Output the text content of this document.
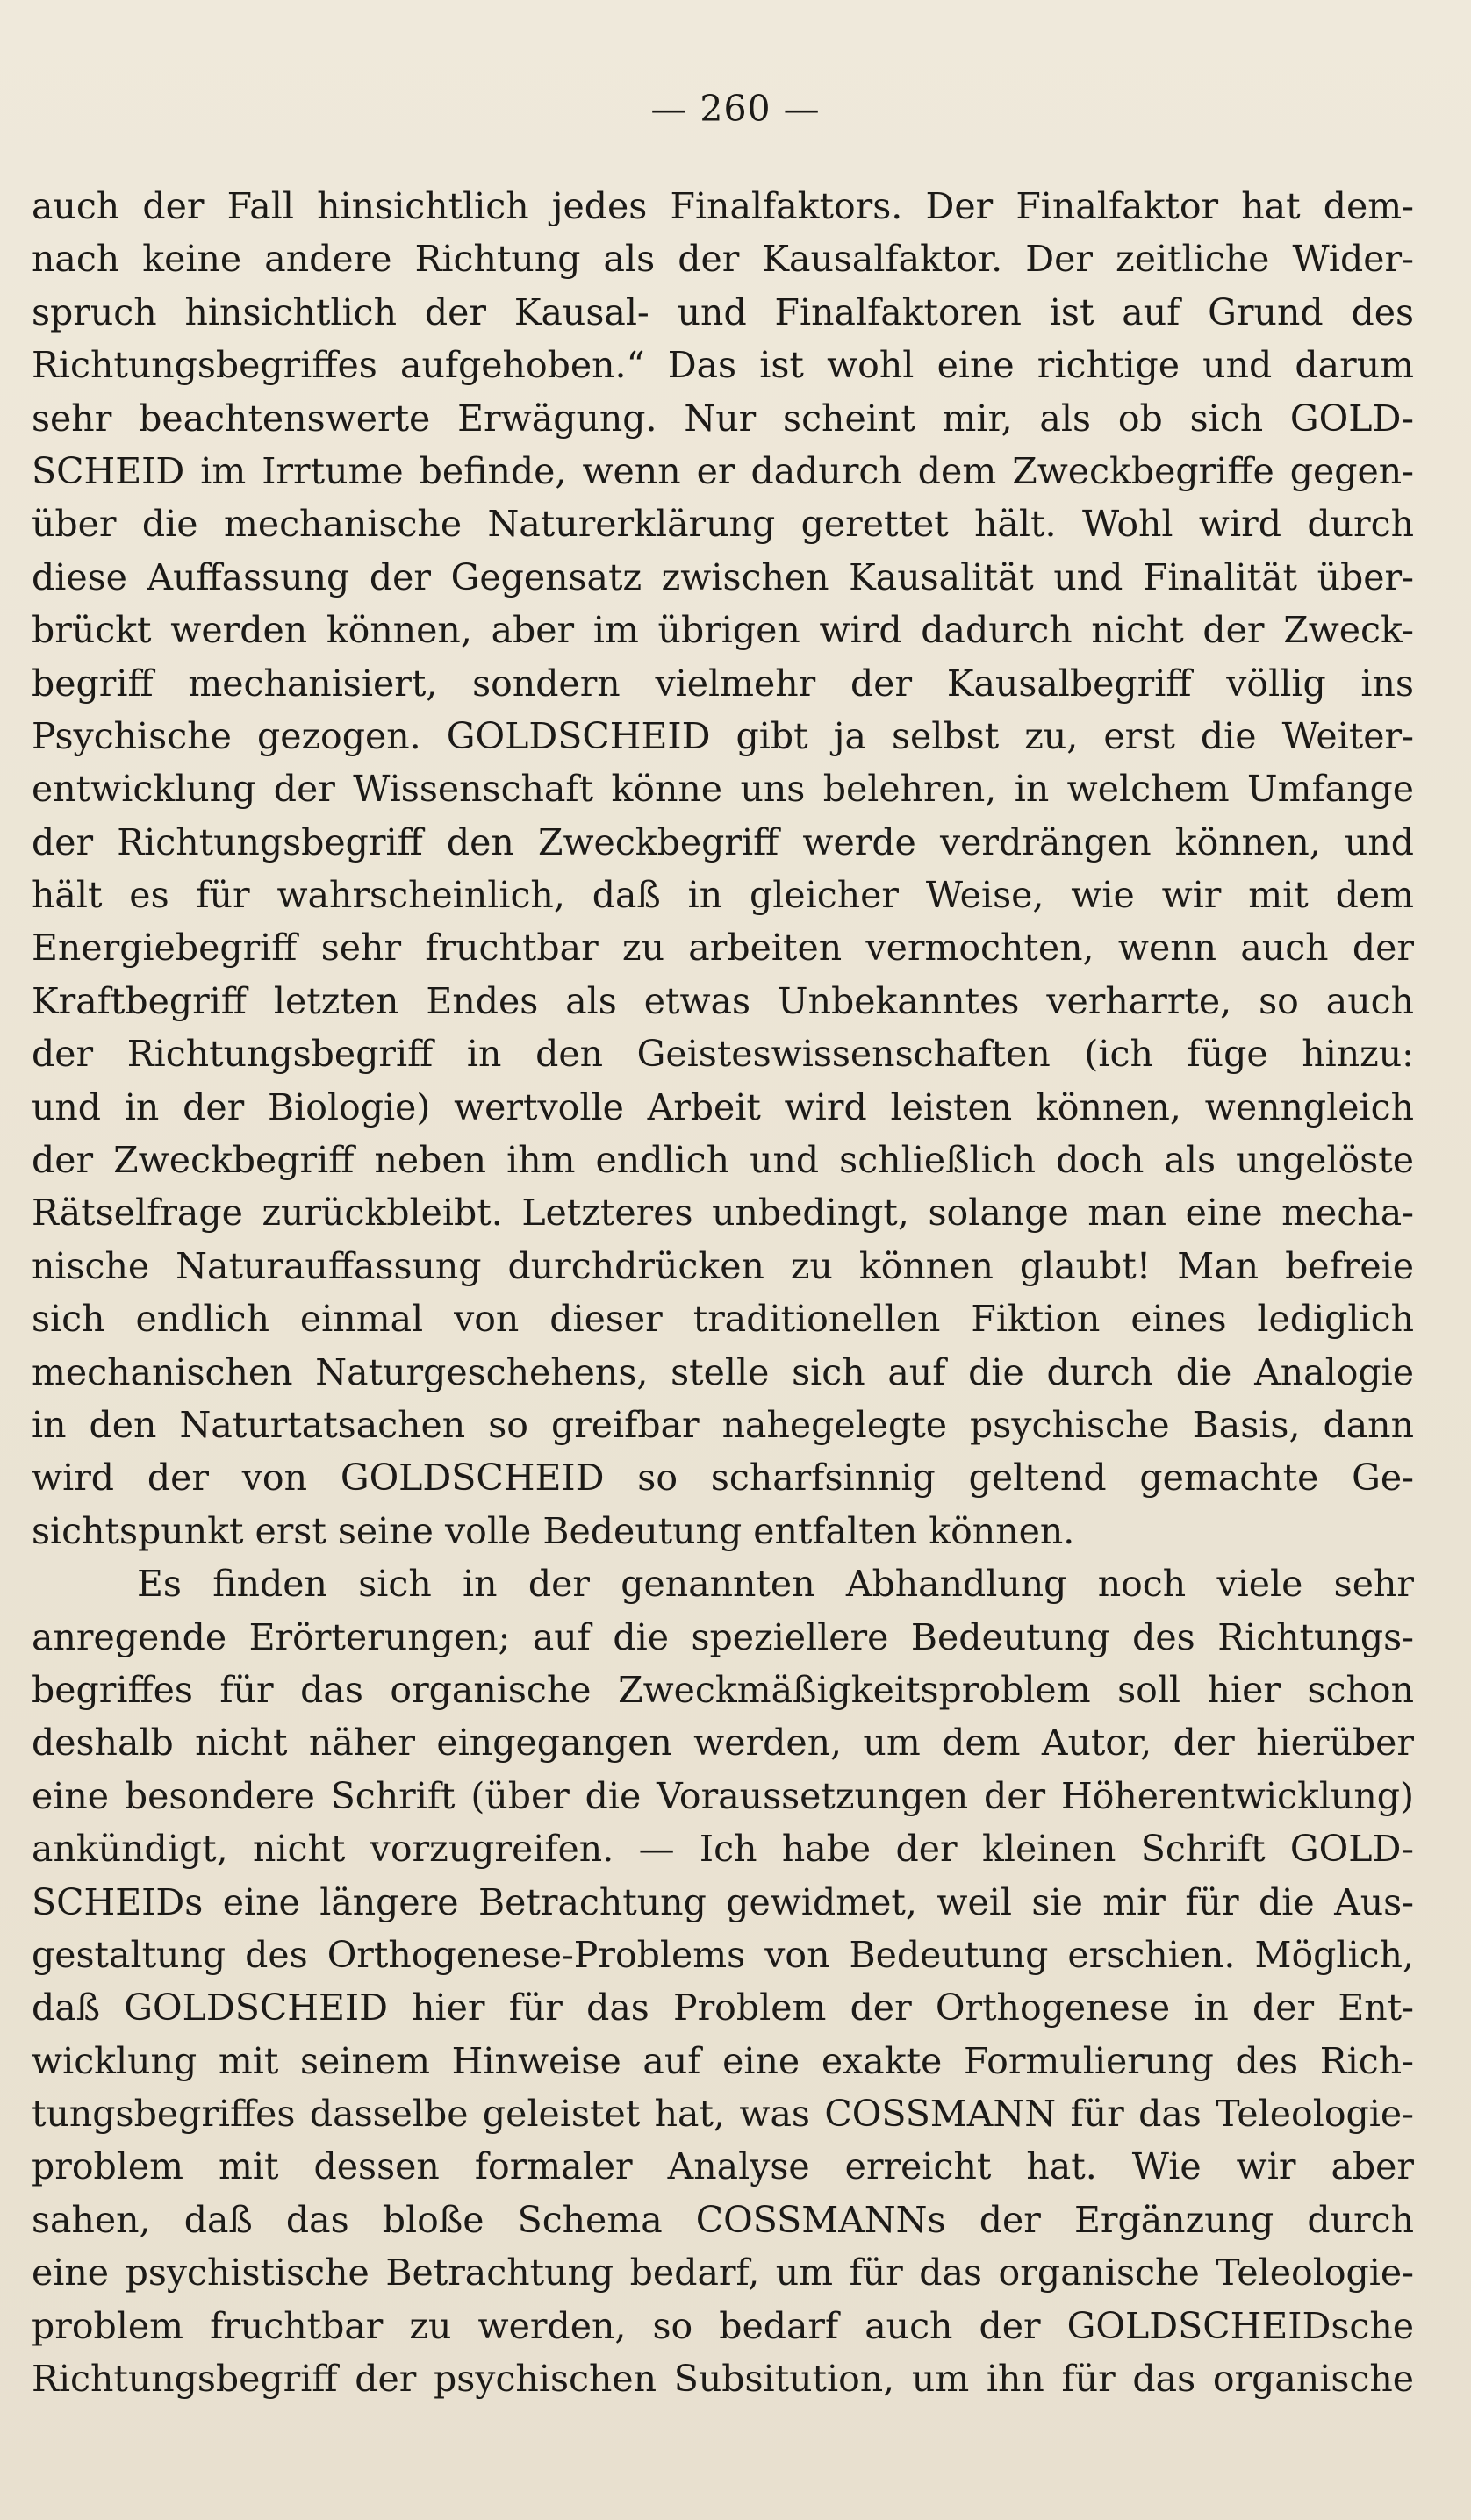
— 260 —
auch der Fall hinsichtlich jedes Finalfaktors. Der Finalfaktor hat dem-
nach keine andere Richtung als der Kausalfaktor. Der zeitliche Wider-
spruch hinsichtlich der Kausal- und Finalfaktoren ist auf Grund des
Richtungsbegriffes aufgehoben.“ Das ist wohl eine richtige und darum
sehr beachtenswerte Erwägung. Nur scheint mir, als ob sich GOLD-
SCHEID im Irrtume befinde, wenn er dadurch dem Zweckbegriffe gegen-
über die mechanische Naturerklärung gerettet hält. Wohl wird durch
diese Auffassung der Gegensatz zwischen Kausalität und Finalität über-
brückt werden können, aber im übrigen wird dadurch nicht der Zweck-
begriff mechanisiert, sondern vielmehr der Kausalbegriff völlig ins
Psychische gezogen. GOLDSCHEID gibt ja selbst zu, erst die Weiter-
entwicklung der Wissenschaft könne uns belehren, in welchem Umfange
der Richtungsbegriff den Zweckbegriff werde verdrängen können, und
hält es für wahrscheinlich, daß in gleicher Weise, wie wir mit dem
Energiebegriff sehr fruchtbar zu arbeiten vermochten, wenn auch der
Kraftbegriff letzten Endes als etwas Unbekanntes verharrte, so auch
der Richtungsbegriff in den Geisteswissenschaften (ich füge hinzu:
und in der Biologie) wertvolle Arbeit wird leisten können, wenngleich
der Zweckbegriff neben ihm endlich und schließlich doch als ungelöste
Rätselfrage zurückbleibt. Letzteres unbedingt, solange man eine mecha-
nische Naturauffassung durchdrücken zu können glaubt! Man befreie
sich endlich einmal von dieser traditionellen Fiktion eines lediglich
mechanischen Naturgeschehens, stelle sich auf die durch die Analogie
in den Naturtatsachen so greifbar nahegelegte psychische Basis, dann
wird der von GOLDSCHEID so scharfsinnig geltend gemachte Ge-
sichtspunkt erst seine volle Bedeutung entfalten können.
Es finden sich in der genannten Abhandlung noch viele sehr
anregende Erörterungen; auf die speziellere Bedeutung des Richtungs-
begriffes für das organische Zweckmäßigkeitsproblem soll hier schon
deshalb nicht näher eingegangen werden, um dem Autor, der hierüber
eine besondere Schrift (über die Voraussetzungen der Höherentwicklung)
ankündigt, nicht vorzugreifen. — Ich habe der kleinen Schrift GOLD-
SCHEIDs eine längere Betrachtung gewidmet, weil sie mir für die Aus-
gestaltung des Orthogenese-Problems von Bedeutung erschien. Möglich,
daß GOLDSCHEID hier für das Problem der Orthogenese in der Ent-
wicklung mit seinem Hinweise auf eine exakte Formulierung des Rich-
tungsbegriffes dasselbe geleistet hat, was COSSMANN für das Teleologie-
problem mit dessen formaler Analyse erreicht hat. Wie wir aber
sahen, daß das bloße Schema COSSMANNs der Ergänzung durch
eine psychistische Betrachtung bedarf, um für das organische Teleologie-
problem fruchtbar zu werden, so bedarf auch der GOLDSCHEIDsche
Richtungsbegriff der psychischen Subsitution, um ihn für das organische
